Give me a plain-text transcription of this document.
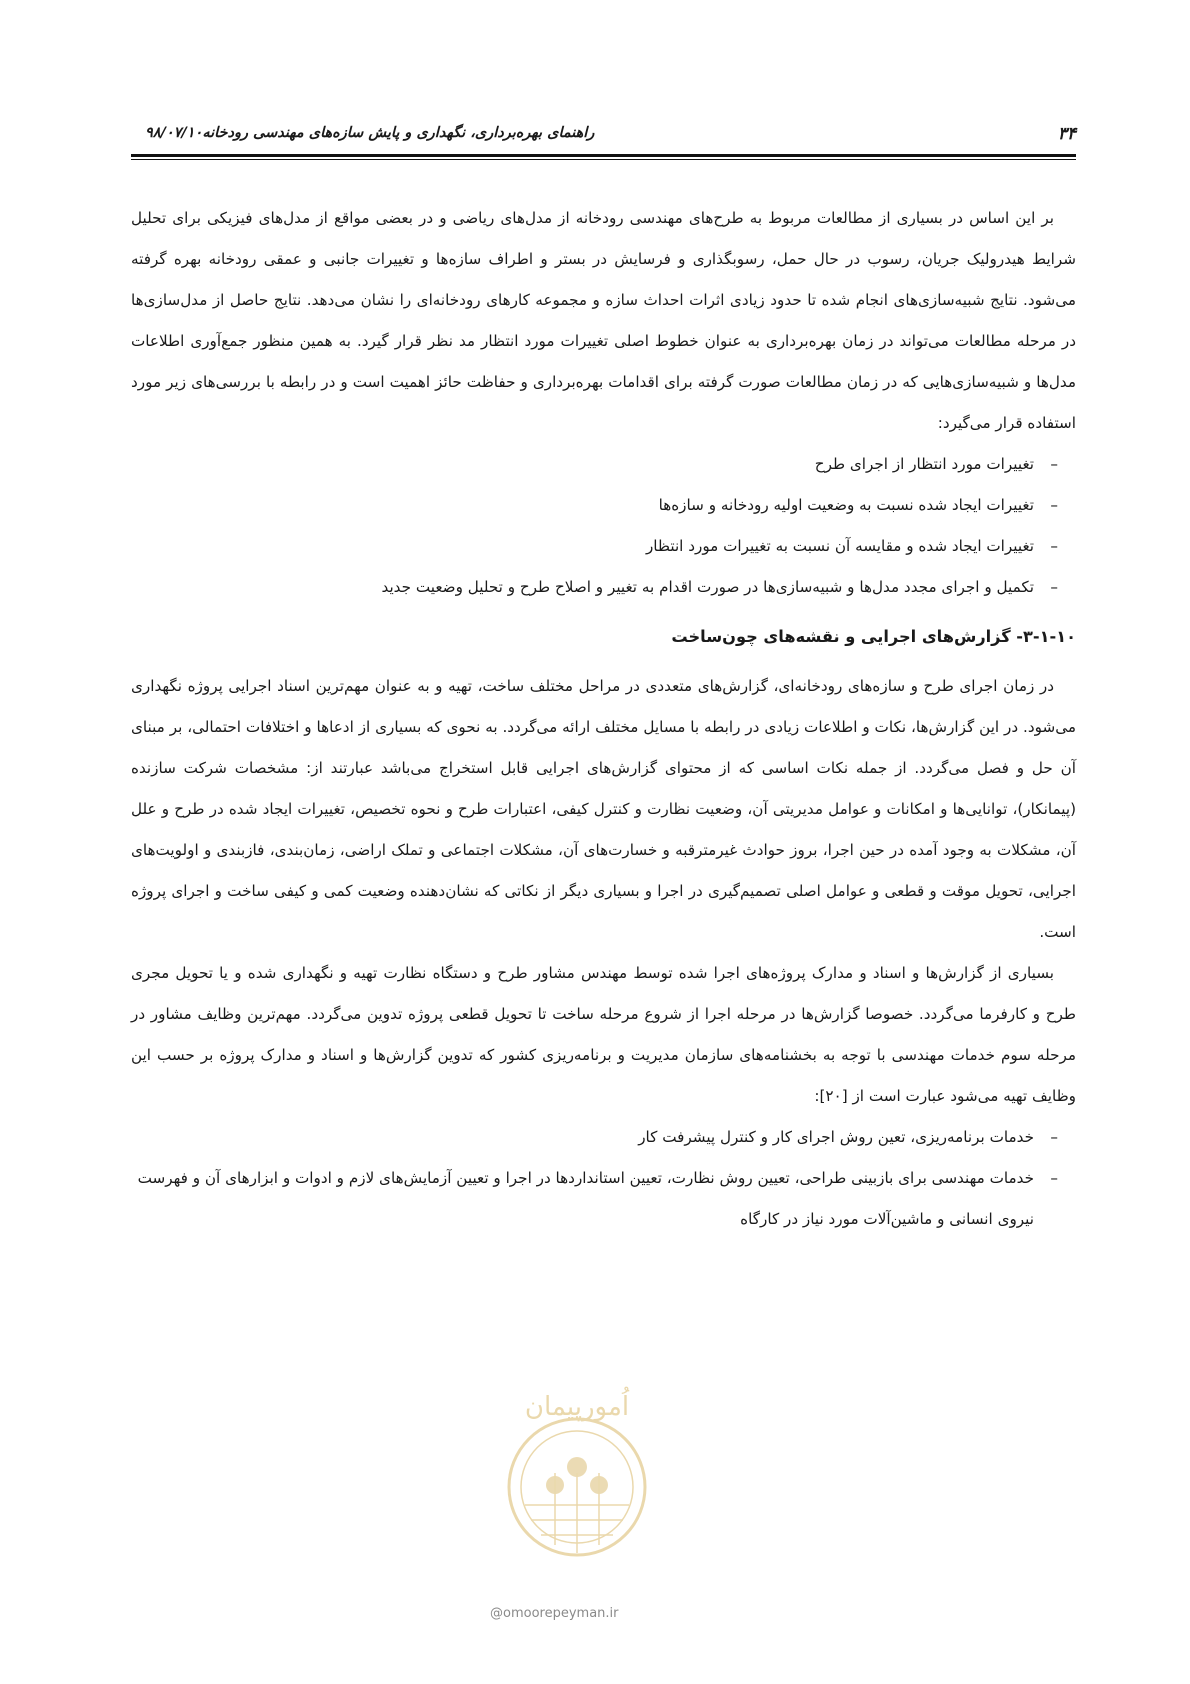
۳۴
راهنمای بهره‌برداری، نگهداری و پایش سازه‌های مهندسی رودخانه۹۸/۰۷/۱۰

بر این اساس در بسیاری از مطالعات مربوط به طرح‌های مهندسی رودخانه از مدل‌های ریاضی و در بعضی مواقع از مدل‌های فیزیکی برای تحلیل شرایط هیدرولیک جریان، رسوب در حال حمل، رسوبگذاری و فرسایش در بستر و اطراف سازه‌ها و تغییرات جانبی و عمقی رودخانه بهره گرفته می‌شود. نتایج شبیه‌سازی‌های انجام شده تا حدود زیادی اثرات احداث سازه و مجموعه کارهای رودخانه‌ای را نشان می‌دهد. نتایج حاصل از مدل‌سازی‌ها در مرحله مطالعات می‌تواند در زمان بهره‌برداری به عنوان خطوط اصلی تغییرات مورد انتظار مد نظر قرار گیرد. به همین منظور جمع‌آوری اطلاعات مدل‌ها و شبیه‌سازی‌هایی که در زمان مطالعات صورت گرفته برای اقدامات بهره‌برداری و حفاظت حائز اهمیت است و در رابطه با بررسی‌های زیر مورد استفاده قرار می‌گیرد:

–
تغییرات مورد انتظار از اجرای طرح
–
تغییرات ایجاد شده نسبت به وضعیت اولیه رودخانه و سازه‌ها
–
تغییرات ایجاد شده و مقایسه آن نسبت به تغییرات مورد انتظار
–
تکمیل و اجرای مجدد مدل‌ها و شبیه‌سازی‌ها در صورت اقدام به تغییر و اصلاح طرح و تحلیل وضعیت جدید
۳-۱-۱۰- گزارش‌های اجرایی و نقشه‌های چون‌ساخت

در زمان اجرای طرح و سازه‌های رودخانه‌ای، گزارش‌های متعددی در مراحل مختلف ساخت، تهیه و به عنوان مهم‌ترین اسناد اجرایی پروژه نگهداری می‌شود. در این گزارش‌ها، نکات و اطلاعات زیادی در رابطه با مسایل مختلف ارائه می‌گردد. به نحوی که بسیاری از ادعاها و اختلافات احتمالی، بر مبنای آن حل و فصل می‌گردد. از جمله نکات اساسی که از محتوای گزارش‌های اجرایی قابل استخراج می‌باشد عبارتند از: مشخصات شرکت سازنده (پیمانکار)، توانایی‌ها و امکانات و عوامل مدیریتی آن، وضعیت نظارت و کنترل کیفی، اعتبارات طرح و نحوه تخصیص، تغییرات ایجاد شده در طرح و علل آن، مشکلات به وجود آمده در حین اجرا، بروز حوادث غیرمترقبه و خسارت‌های آن، مشکلات اجتماعی و تملک اراضی، زمان‌بندی، فازبندی و اولویت‌های اجرایی، تحویل موقت و قطعی و عوامل اصلی تصمیم‌گیری در اجرا و بسیاری دیگر از نکاتی که نشان‌دهنده وضعیت کمی و کیفی ساخت و اجرای پروژه است.

بسیاری از گزارش‌ها و اسناد و مدارک پروژه‌های اجرا شده توسط مهندس مشاور طرح و دستگاه نظارت تهیه و نگهداری شده و یا تحویل مجری طرح و کارفرما می‌گردد. خصوصا گزارش‌ها در مرحله اجرا از شروع مرحله ساخت تا تحویل قطعی پروژه تدوین می‌گردد. مهم‌ترین وظایف مشاور در مرحله سوم خدمات مهندسی با توجه به بخشنامه‌های سازمان مدیریت و برنامه‌ریزی کشور که تدوین گزارش‌ها و اسناد و مدارک پروژه بر حسب این وظایف تهیه می‌شود عبارت است از [۲۰]:

–
خدمات برنامه‌ریزی، تعین روش اجرای کار و کنترل پیشرفت کار
–
خدمات مهندسی برای بازبینی طراحی، تعیین روش نظارت، تعیین استانداردها در اجرا و تعیین آزمایش‌های لازم و ادوات و ابزارهای آن و فهرست نیروی انسانی و ماشین‌آلات مورد نیاز در کارگاه
اُمورپیمان
@omoorepeyman.ir
